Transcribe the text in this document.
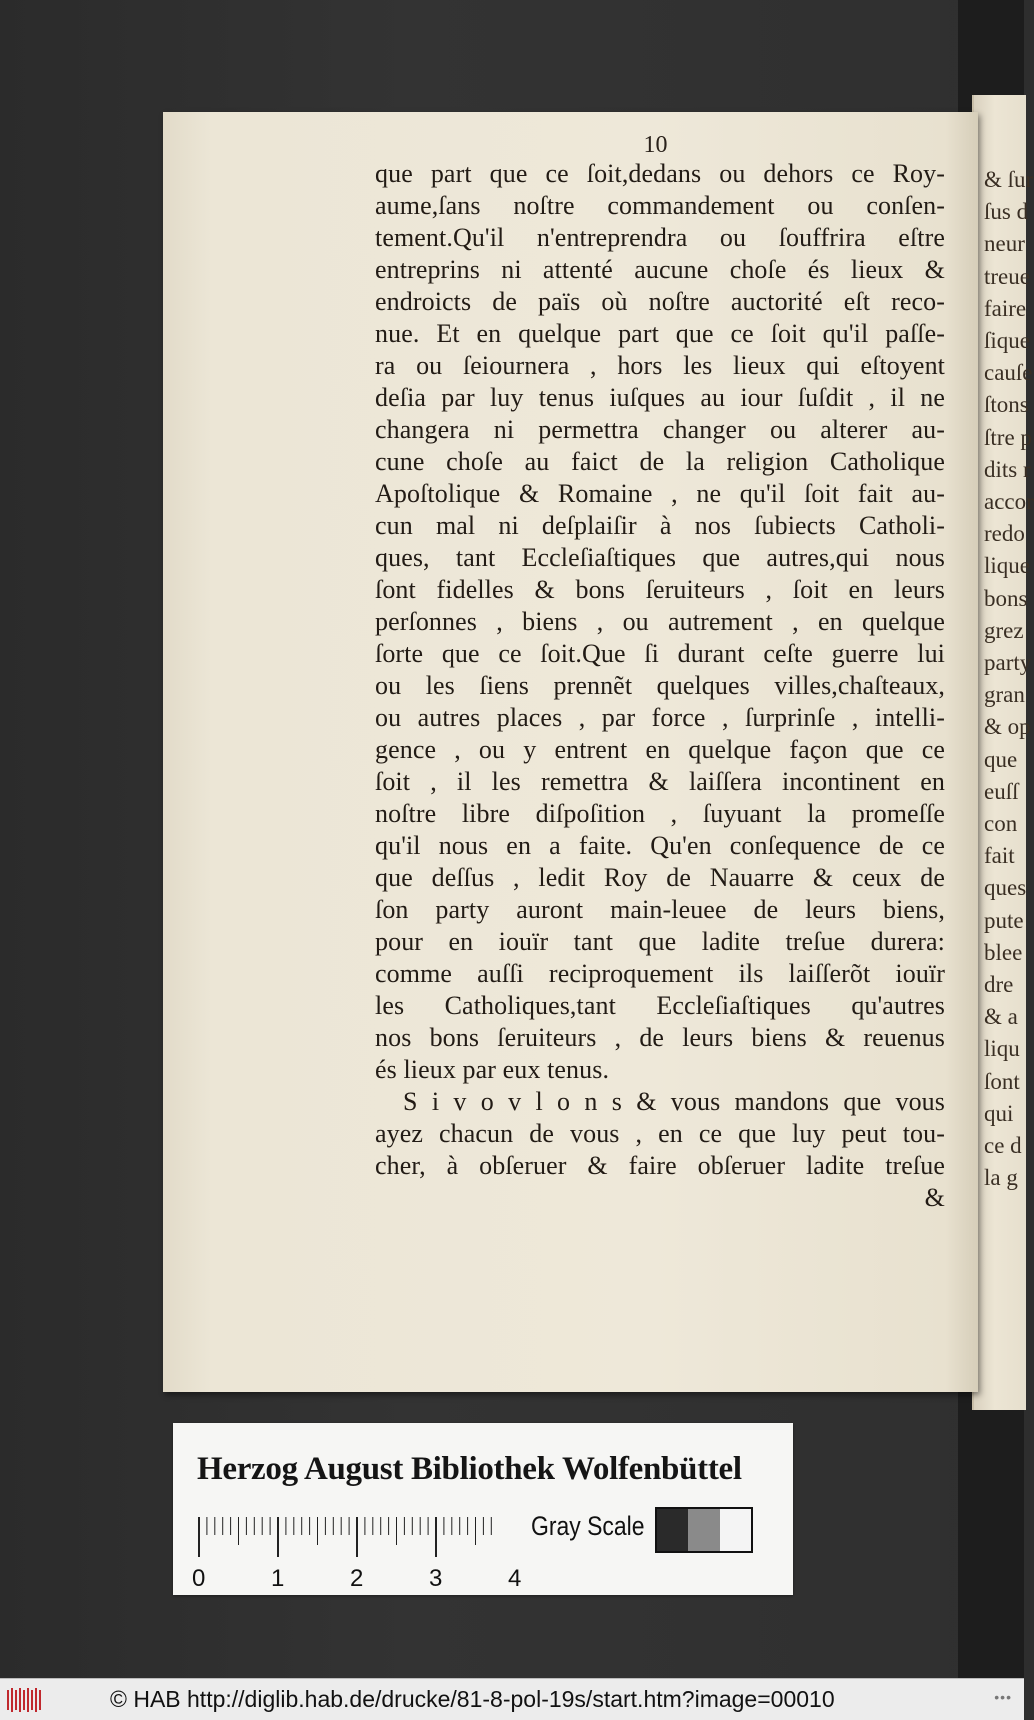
& ſur
ſus d
neur
treue
faire
ſique
cauſe
ſtons
ſtre p
dits r
accor
redo
lique
bons
grez
party
gran
& op
que
euſſ
con
fait
ques
pute
blee
dre
& a
liqu
ſont
qui
ce d
la g
10
que part que ce ſoit,dedans ou dehors ce Roy-
aume,ſans noſtre commandement ou conſen-
tement.Qu'il n'entreprendra ou ſouffrira eſtre
entreprins ni attenté aucune choſe és lieux &
endroicts de païs où noſtre auctorité eſt reco-
nue. Et en quelque part que ce ſoit qu'il paſſe-
ra ou ſeiournera , hors les lieux qui eſtoyent
deſia par luy tenus iuſques au iour ſuſdit , il ne
changera ni permettra changer ou alterer au-
cune choſe au faict de la religion Catholique
Apoſtolique & Romaine , ne qu'il ſoit fait au-
cun mal ni deſplaiſir à nos ſubiects Catholi-
ques, tant Eccleſiaſtiques que autres,qui nous
ſont fidelles & bons ſeruiteurs , ſoit en leurs
perſonnes , biens , ou autrement , en quelque
ſorte que ce ſoit.Que ſi durant ceſte guerre lui
ou les ſiens prennẽt quelques villes,chaſteaux,
ou autres places , par force , ſurprinſe , intelli-
gence , ou y entrent en quelque façon que ce
ſoit , il les remettra & laiſſera incontinent en
noſtre libre diſpoſition , ſuyuant la promeſſe
qu'il nous en a faite. Qu'en conſequence de ce
que deſſus , ledit Roy de Nauarre & ceux de
ſon party auront main-leuee de leurs biens,
pour en iouïr tant que ladite treſue durera:
comme auſſi reciproquement ils laiſſerõt iouïr
les Catholiques,tant Eccleſiaſtiques qu'autres
nos bons ſeruiteurs , de leurs biens & reuenus
és lieux par eux tenus.
S i v o v l o n s & vous mandons que vous
ayez chacun de vous , en ce que luy peut tou-
cher, à obſeruer & faire obſeruer ladite treſue
&
Herzog August Bibliothek Wolfenbüttel
0	1	2	3	4
Gray Scale
© HAB http://diglib.hab.de/drucke/81-8-pol-19s/start.htm?image=00010	•••
